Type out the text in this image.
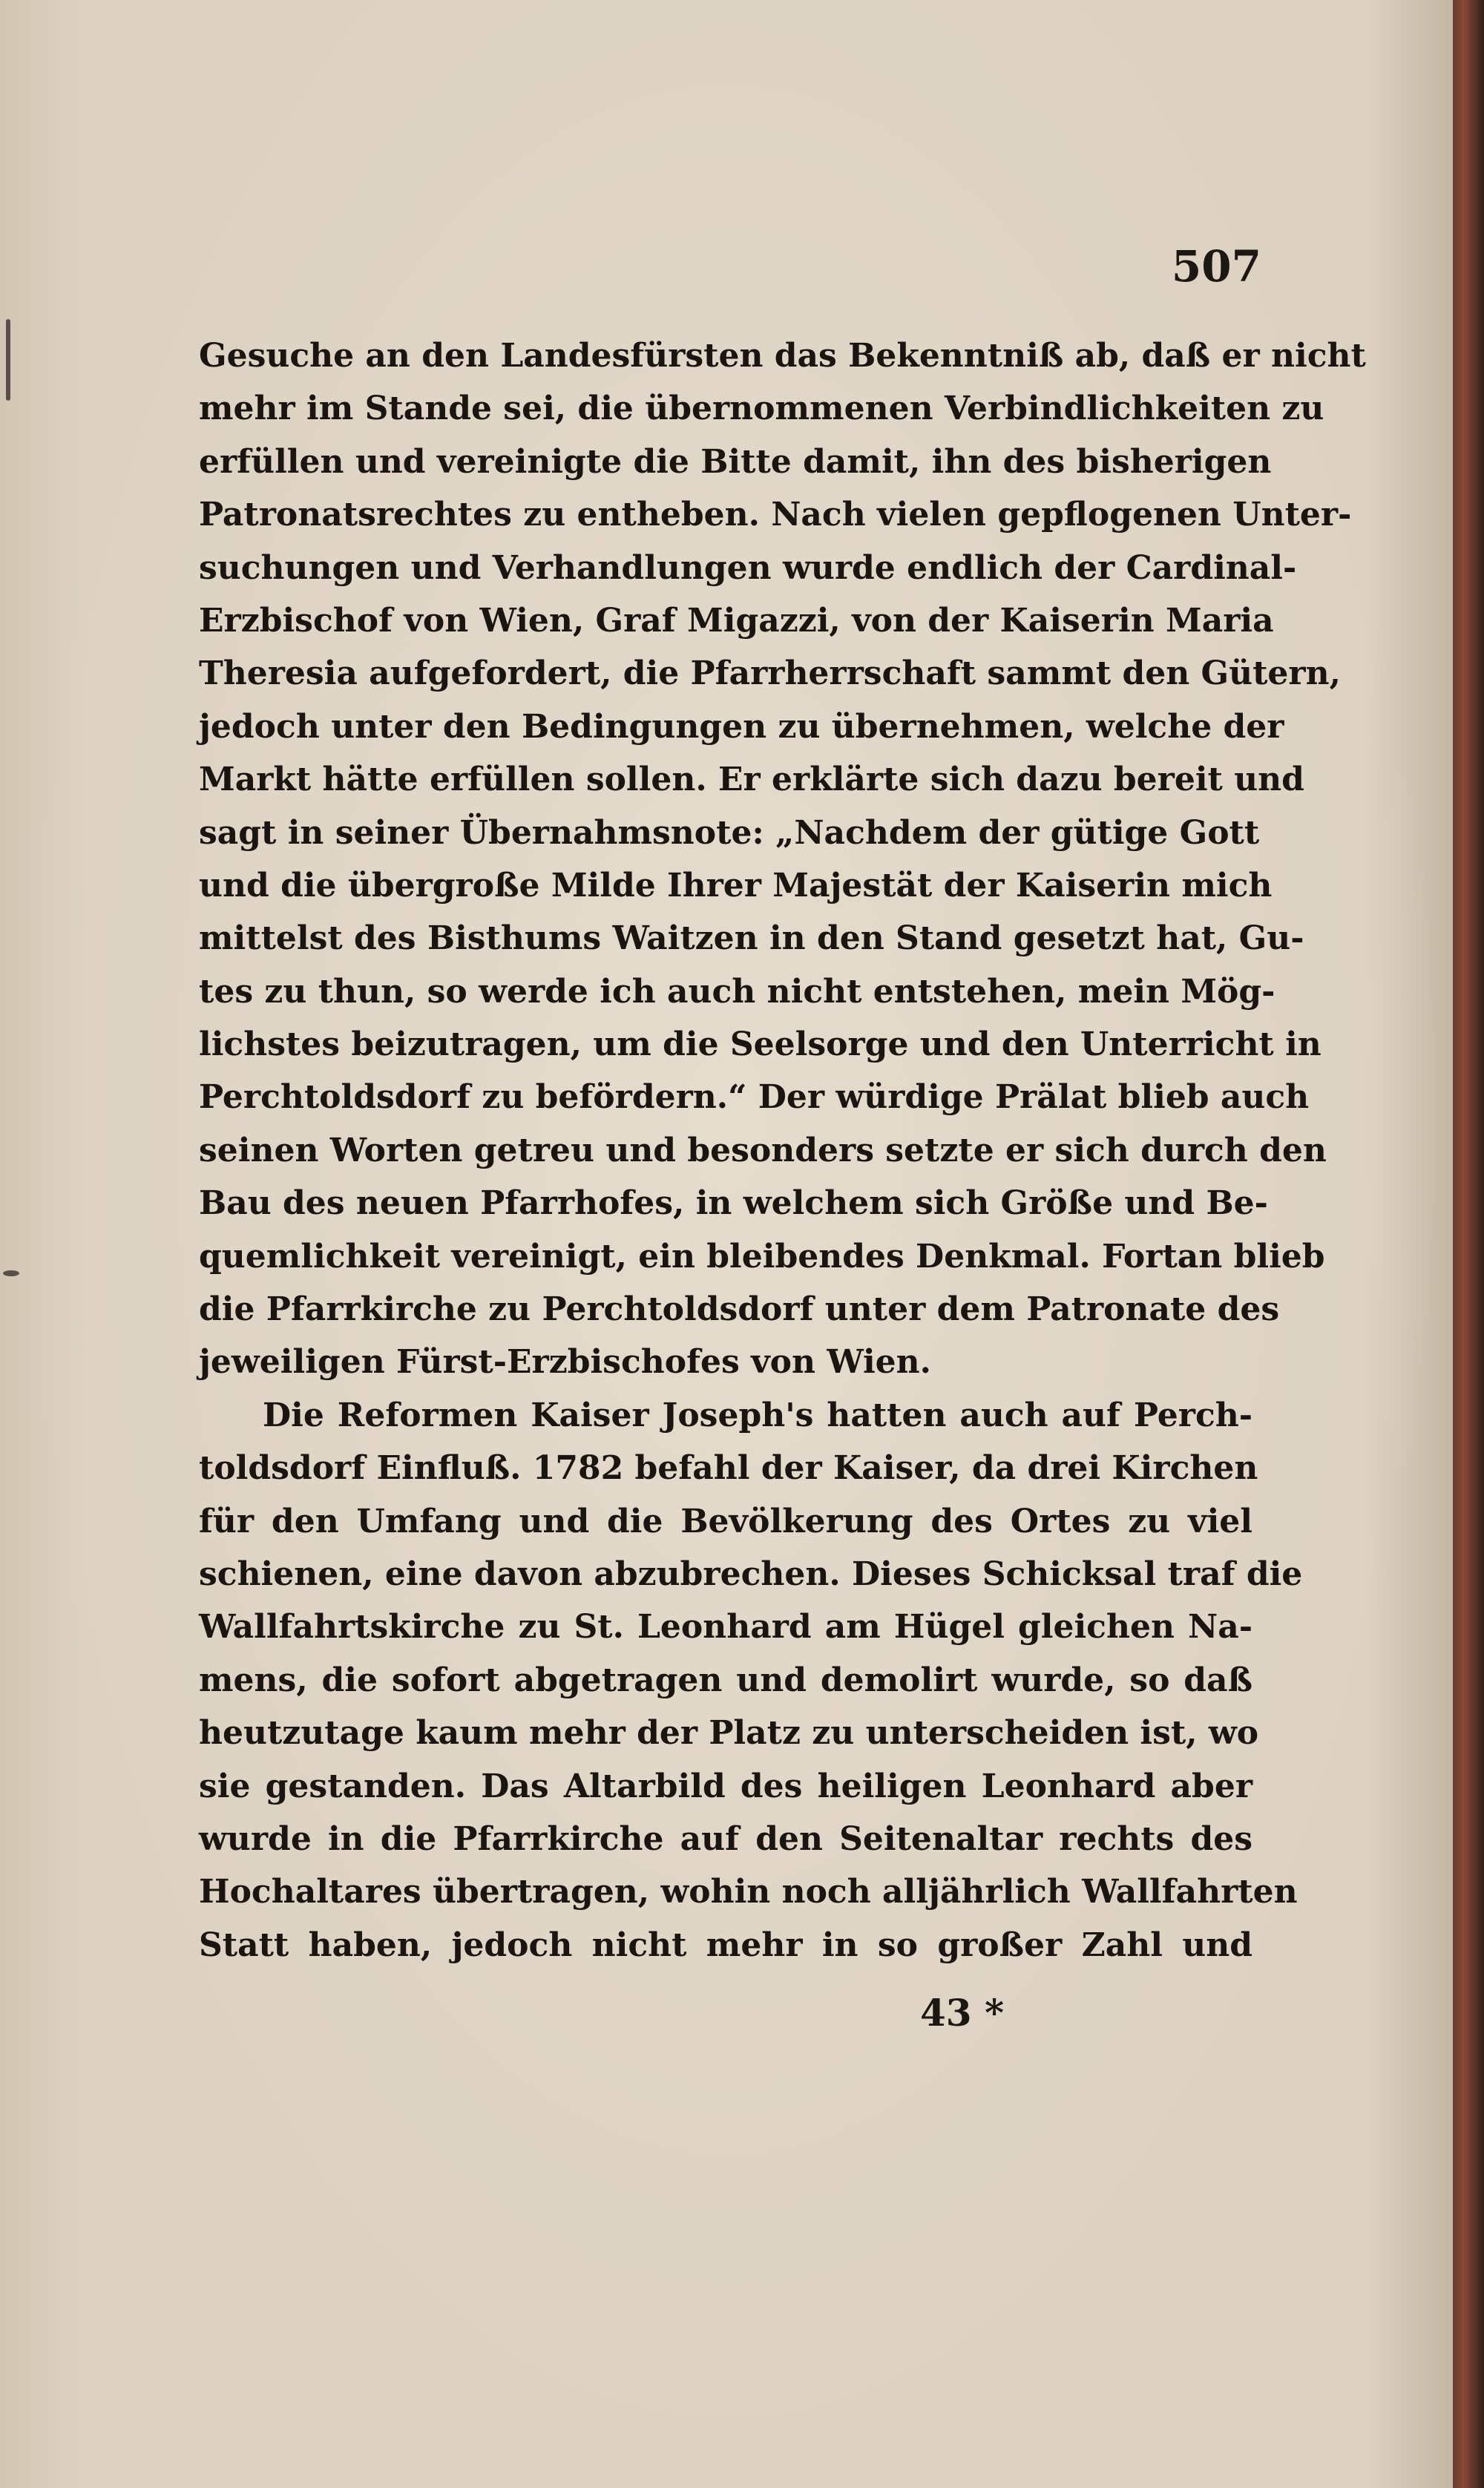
507
Gesuche an den Landesfürsten das Bekenntniß ab, daß er nicht
mehr im Stande sei, die übernommenen Verbindlichkeiten zu
erfüllen und vereinigte die Bitte damit, ihn des bisherigen
Patronatsrechtes zu entheben. Nach vielen gepflogenen Unter-
suchungen und Verhandlungen wurde endlich der Cardinal-
Erzbischof von Wien, Graf Migazzi, von der Kaiserin Maria
Theresia aufgefordert, die Pfarrherrschaft sammt den Gütern,
jedoch unter den Bedingungen zu übernehmen, welche der
Markt hätte erfüllen sollen. Er erklärte sich dazu bereit und
sagt in seiner Übernahmsnote: „Nachdem der gütige Gott
und die übergroße Milde Ihrer Majestät der Kaiserin mich
mittelst des Bisthums Waitzen in den Stand gesetzt hat, Gu-
tes zu thun, so werde ich auch nicht entstehen, mein Mög-
lichstes beizutragen, um die Seelsorge und den Unterricht in
Perchtoldsdorf zu befördern.“ Der würdige Prälat blieb auch
seinen Worten getreu und besonders setzte er sich durch den
Bau des neuen Pfarrhofes, in welchem sich Größe und Be-
quemlichkeit vereinigt, ein bleibendes Denkmal. Fortan blieb
die Pfarrkirche zu Perchtoldsdorf unter dem Patronate des
jeweiligen Fürst-Erzbischofes von Wien.
Die Reformen Kaiser Joseph's hatten auch auf Perch-
toldsdorf Einfluß. 1782 befahl der Kaiser, da drei Kirchen
für den Umfang und die Bevölkerung des Ortes zu viel
schienen, eine davon abzubrechen. Dieses Schicksal traf die
Wallfahrtskirche zu St. Leonhard am Hügel gleichen Na-
mens, die sofort abgetragen und demolirt wurde, so daß
heutzutage kaum mehr der Platz zu unterscheiden ist, wo
sie gestanden. Das Altarbild des heiligen Leonhard aber
wurde in die Pfarrkirche auf den Seitenaltar rechts des
Hochaltares übertragen, wohin noch alljährlich Wallfahrten
Statt haben, jedoch nicht mehr in so großer Zahl und
43 *
